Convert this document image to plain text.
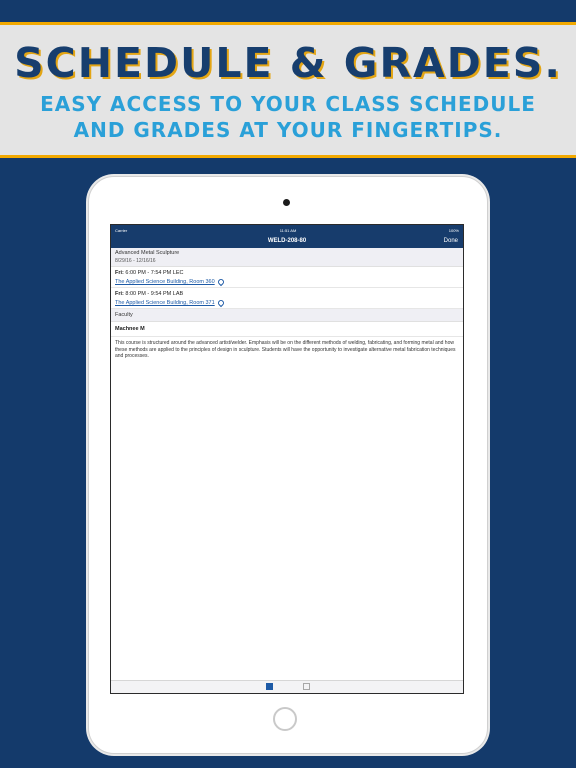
SCHEDULE & GRADES.
EASY ACCESS TO YOUR CLASS SCHEDULE
AND GRADES AT YOUR FINGERTIPS.
Carrier	11:51 AM	100%
WELD-208-80	Done
Advanced Metal Sculpture
8/29/16 - 12/16/16
Fri: 6:00 PM - 7:54 PM LEC
The Applied Science Building, Room 360
Fri: 8:00 PM - 9:54 PM LAB
The Applied Science Building, Room 371
Faculty
Machnee M
This course is structured around the advanced artist/welder. Emphasis will be on the different methods of welding, fabricating, and forming metal and how these methods are applied to the principles of design in sculpture. Students will have the opportunity to investigate alternative metal fabrication techniques and processes.
